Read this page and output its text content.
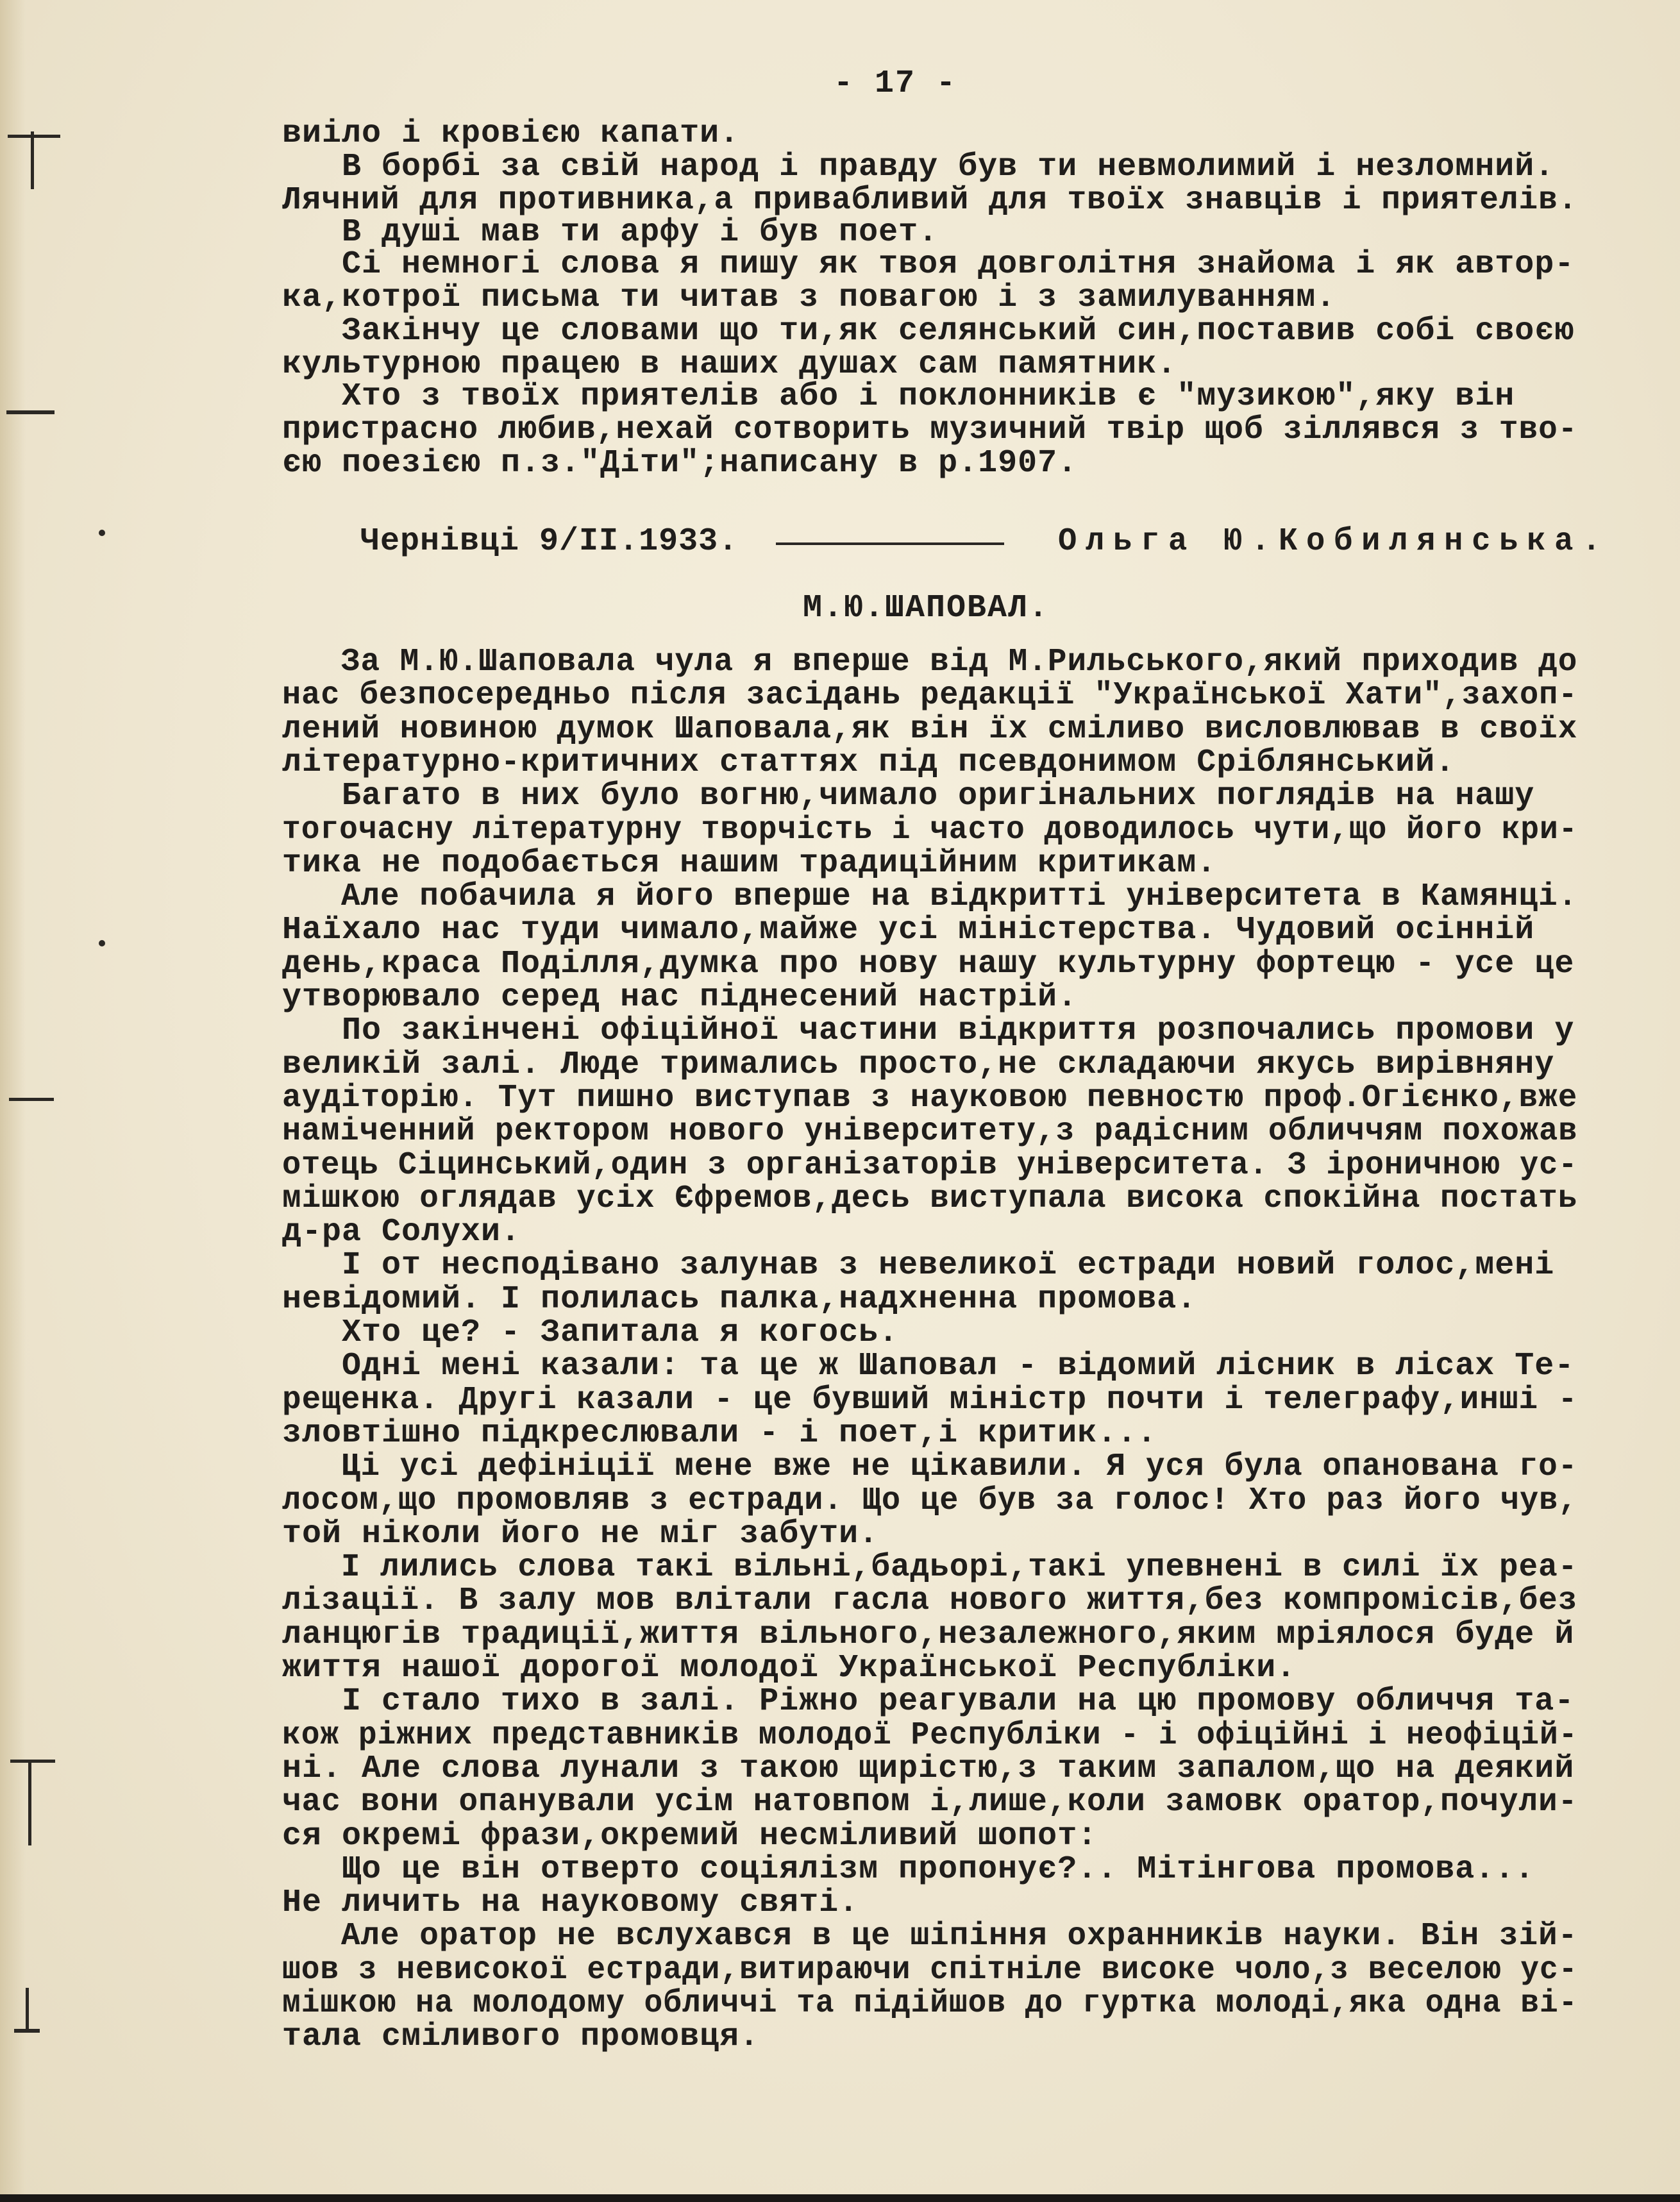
- 17 -
виіло і кровією капати.
В борбі за свій народ і правду був ти невмолимий і незломний.
Лячний для противника,а привабливий для твоїх знавців і приятелів.
В душі мав ти арфу і був поет.
Сі немногі слова я пишу як твоя довголітня знайома і як автор-
ка,котрої письма ти читав з повагою і з замилуванням.
Закінчу це словами що ти,як селянський син,поставив собі своєю
культурною працею в наших душах сам памятник.
Хто з твоїх приятелів або і поклонників є "музикою",яку він
пристрасно любив,нехай сотворить музичний твір щоб зіллявся з тво-
єю поезією п.з."Діти";написану в р.1907.
Чернівці 9/ІІ.1933.	Ольга Ю.Кобилянська.
М.Ю.ШАПОВАЛ.
За М.Ю.Шаповала чула я вперше від М.Рильського,який приходив до
нас безпосередньо після засідань редакції "Української Хати",захоп-
лений новиною думок Шаповала,як він їх сміливо висловлював в своїх
літературно-критичних статтях під псевдонимом Сріблянський.
Багато в них було вогню,чимало оригінальних поглядів на нашу
тогочасну літературну творчість і часто доводилось чути,що його кри-
тика не подобається нашим традиційним критикам.
Але побачила я його вперше на відкритті університета в Камянці.
Наїхало нас туди чимало,майже усі міністерства. Чудовий осінній
день,краса Поділля,думка про нову нашу культурну фортецю - усе це
утворювало серед нас піднесений настрій.
По закінчені офіційної частини відкриття розпочались промови у
великій залі. Люде трималиcь просто,не складаючи якусь вирівняну
аудіторію. Тут пишно виступав з науковою певностю проф.Огієнко,вже
наміченний ректором нового університету,з радісним обличчям похожав
отець Сіцинський,один з організаторів університета. З іроничною ус-
мішкою оглядав усіх Єфремов,десь виступала висока спокійна постать
д-ра Солухи.
І от несподівано залунав з невеликої естради новий голос,мені
невідомий. І полилась палка,надхненна промова.
Хто це? - Запитала я когось.
Одні мені казали: та це ж Шаповал - відомий лісник в лісах Те-
рещенка. Другі казали - це бувший міністр почти і телеграфу,инші -
зловтішно підкреслювали - і поет,і критик...
Ці усі дефініції мене вже не цікавили. Я уся була опанована го-
лосом,що промовляв з естради. Що це був за голос! Хто раз його чув,
той ніколи його не міг забути.
І лились слова такі вільні,бадьорі,такі упевнені в силі їх реа-
лізації. В залу мов влітали гасла нового життя,без компромісів,без
ланцюгів традиції,життя вільного,незалежного,яким мріялося буде й
життя нашої дорогої молодої Української Республіки.
І стало тихо в залі. Ріжно реагували на цю промову обличчя та-
кож ріжних представників молодої Республіки - і офіційні і неофіцій-
ні. Але слова лунали з такою щирістю,з таким запалом,що на деякий
час вони опанували усім натовпом і,лише,коли замовк оратор,почули-
ся окремі фрази,окремий несміливий шопот:
Що це він отверто соціялізм пропонує?.. Мітінгова промова...
Не личить на науковому святі.
Але оратор не вслухався в це шіпіння охранників науки. Він зій-
шов з невисокої естради,витираючи спітніле високе чоло,з веселою ус-
мішкою на молодому обличчі та підійшов до гуртка молоді,яка одна ві-
тала сміливого промовця.
